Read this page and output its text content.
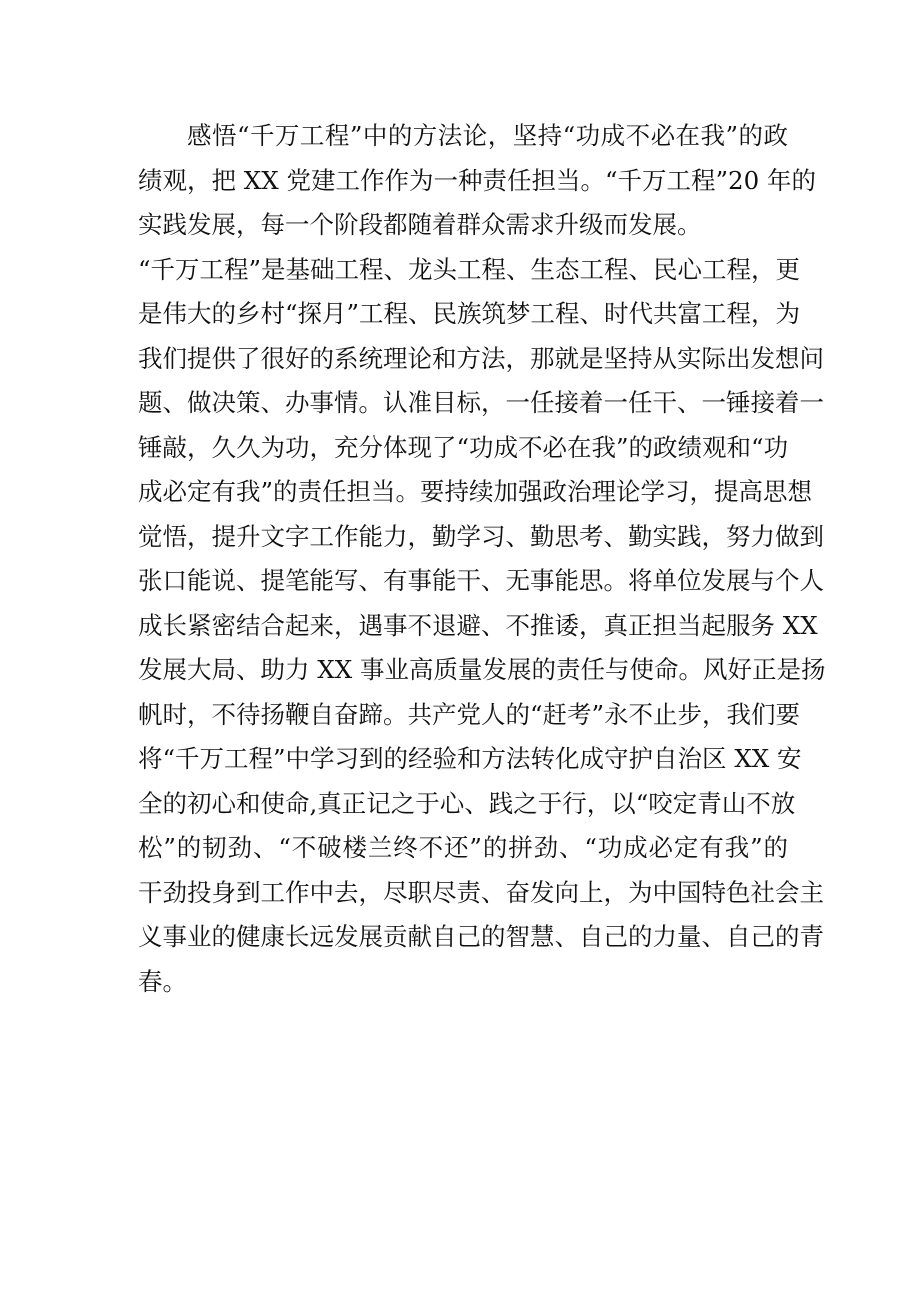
感悟“千万工程”中的方法论，坚持“功成不必在我”的政
绩观，把 XX 党建工作作为一种责任担当。“千万工程”20 年的
实践发展，每一个阶段都随着群众需求升级而发展。
“千万工程”是基础工程、龙头工程、生态工程、民心工程，更
是伟大的乡村“探月”工程、民族筑梦工程、时代共富工程，为
我们提供了很好的系统理论和方法，那就是坚持从实际出发想问
题、做决策、办事情。认准目标，一任接着一任干、一锤接着一
锤敲，久久为功，充分体现了“功成不必在我”的政绩观和“功
成必定有我”的责任担当。要持续加强政治理论学习，提高思想
觉悟，提升文字工作能力，勤学习、勤思考、勤实践，努力做到
张口能说、提笔能写、有事能干、无事能思。将单位发展与个人
成长紧密结合起来，遇事不退避、不推诿，真正担当起服务 XX
发展大局、助力 XX 事业高质量发展的责任与使命。风好正是扬
帆时，不待扬鞭自奋蹄。共产党人的“赶考”永不止步，我们要
将“千万工程”中学习到的经验和方法转化成守护自治区 XX 安
全的初心和使命,真正记之于心、践之于行，以“咬定青山不放
松”的韧劲、“不破楼兰终不还”的拼劲、“功成必定有我”的
干劲投身到工作中去，尽职尽责、奋发向上，为中国特色社会主
义事业的健康长远发展贡献自己的智慧、自己的力量、自己的青
春。
